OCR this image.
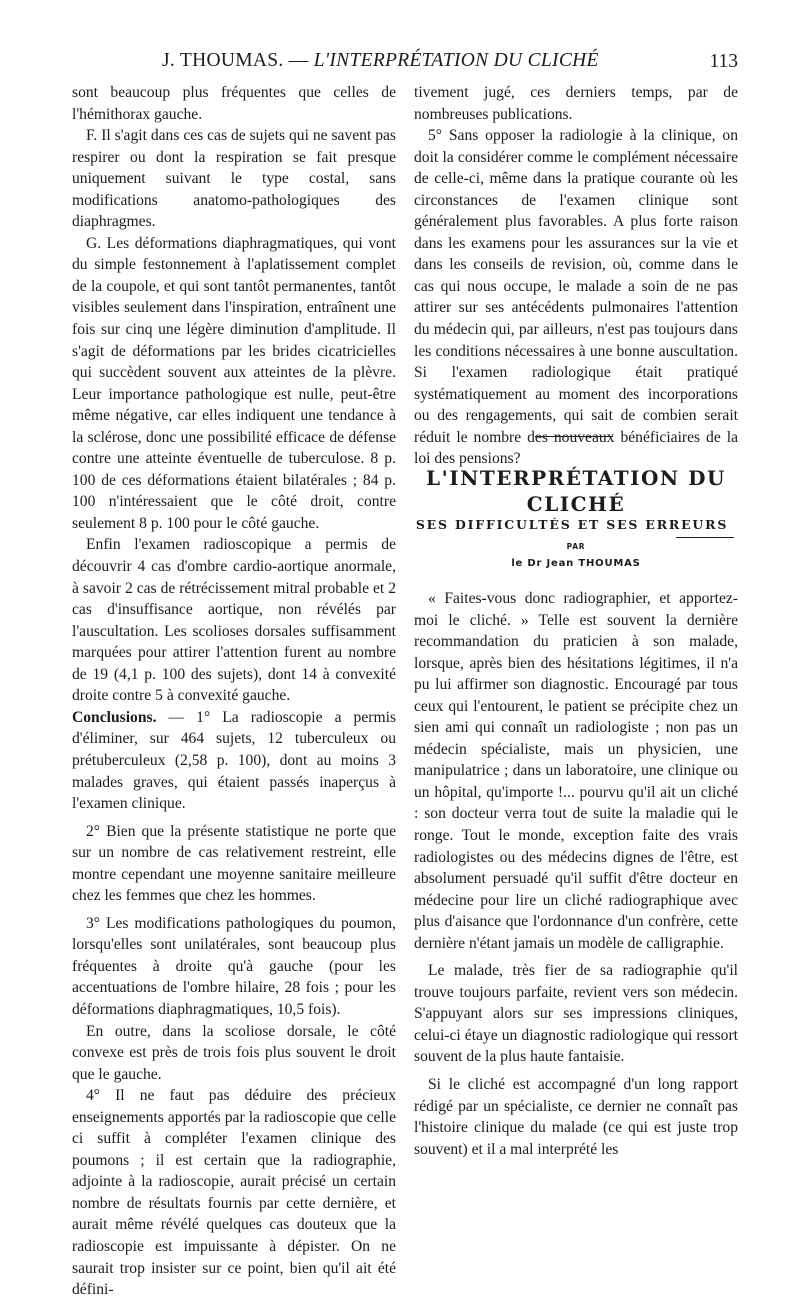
J. THOUMAS. — L'INTERPRÉTATION DU CLICHÉ	113

sont beaucoup plus fréquentes que celles de l'hémithorax gauche.

F. Il s'agit dans ces cas de sujets qui ne savent pas respirer ou dont la respiration se fait presque uniquement suivant le type costal, sans modifications anatomo-pathologiques des diaphragmes.

G. Les déformations diaphragmatiques, qui vont du simple festonnement à l'aplatissement complet de la coupole, et qui sont tantôt permanentes, tantôt visibles seulement dans l'inspiration, entraînent une fois sur cinq une légère diminution d'amplitude. Il s'agit de déformations par les brides cicatricielles qui succèdent souvent aux atteintes de la plèvre. Leur importance pathologique est nulle, peut-être même négative, car elles indiquent une tendance à la sclérose, donc une possibilité efficace de défense contre une atteinte éventuelle de tuberculose. 8 p. 100 de ces déformations étaient bilatérales ; 84 p. 100 n'intéressaient que le côté droit, contre seulement 8 p. 100 pour le côté gauche.

Enfin l'examen radioscopique a permis de découvrir 4 cas d'ombre cardio-aortique anormale, à savoir 2 cas de rétrécissement mitral probable et 2 cas d'insuffisance aortique, non révélés par l'auscultation. Les scolioses dorsales suffisamment marquées pour attirer l'attention furent au nombre de 19 (4,1 p. 100 des sujets), dont 14 à convexité droite contre 5 à convexité gauche.

Conclusions. — 1° La radioscopie a permis d'éliminer, sur 464 sujets, 12 tuberculeux ou prétuberculeux (2,58 p. 100), dont au moins 3 malades graves, qui étaient passés inaperçus à l'examen clinique.

2° Bien que la présente statistique ne porte que sur un nombre de cas relativement restreint, elle montre cependant une moyenne sanitaire meilleure chez les femmes que chez les hommes.

3° Les modifications pathologiques du poumon, lorsqu'elles sont unilatérales, sont beaucoup plus fréquentes à droite qu'à gauche (pour les accentuations de l'ombre hilaire, 28 fois ; pour les déformations diaphragmatiques, 10,5 fois).

En outre, dans la scoliose dorsale, le côté convexe est près de trois fois plus souvent le droit que le gauche.

4° Il ne faut pas déduire des précieux enseignements apportés par la radioscopie que celle ci suffit à compléter l'examen clinique des poumons ; il est certain que la radiographie, adjointe à la radioscopie, aurait précisé un certain nombre de résultats fournis par cette dernière, et aurait même révélé quelques cas douteux que la radioscopie est impuissante à dépister. On ne saurait trop insister sur ce point, bien qu'il ait été défini-

tivement jugé, ces derniers temps, par de nombreuses publications.

5° Sans opposer la radiologie à la clinique, on doit la considérer comme le complément nécessaire de celle-ci, même dans la pratique courante où les circonstances de l'examen clinique sont généralement plus favorables. A plus forte raison dans les examens pour les assurances sur la vie et dans les conseils de revision, où, comme dans le cas qui nous occupe, le malade a soin de ne pas attirer sur ses antécédents pulmonaires l'attention du médecin qui, par ailleurs, n'est pas toujours dans les conditions nécessaires à une bonne auscultation. Si l'examen radiologique était pratiqué systématiquement au moment des incorporations ou des rengagements, qui sait de combien serait réduit le nombre des nouveaux bénéficiaires de la loi des pensions?

L'INTERPRÉTATION DU
CLICHÉ
SES DIFFICULTÉS ET SES ERREURS
PAR
le Dr Jean THOUMAS

« Faites-vous donc radiographier, et apportez-moi le cliché. » Telle est souvent la dernière recommandation du praticien à son malade, lorsque, après bien des hésitations légitimes, il n'a pu lui affirmer son diagnostic. Encouragé par tous ceux qui l'entourent, le patient se précipite chez un sien ami qui connaît un radiologiste ; non pas un médecin spécialiste, mais un physicien, une manipulatrice ; dans un laboratoire, une clinique ou un hôpital, qu'importe !... pourvu qu'il ait un cliché : son docteur verra tout de suite la maladie qui le ronge. Tout le monde, exception faite des vrais radiologistes ou des médecins dignes de l'être, est absolument persuadé qu'il suffit d'être docteur en médecine pour lire un cliché radiographique avec plus d'aisance que l'ordonnance d'un confrère, cette dernière n'étant jamais un modèle de calligraphie.

Le malade, très fier de sa radiographie qu'il trouve toujours parfaite, revient vers son médecin. S'appuyant alors sur ses impressions cliniques, celui-ci étaye un diagnostic radiologique qui ressort souvent de la plus haute fantaisie.

Si le cliché est accompagné d'un long rapport rédigé par un spécialiste, ce dernier ne connaît pas l'histoire clinique du malade (ce qui est juste trop souvent) et il a mal interprété les
